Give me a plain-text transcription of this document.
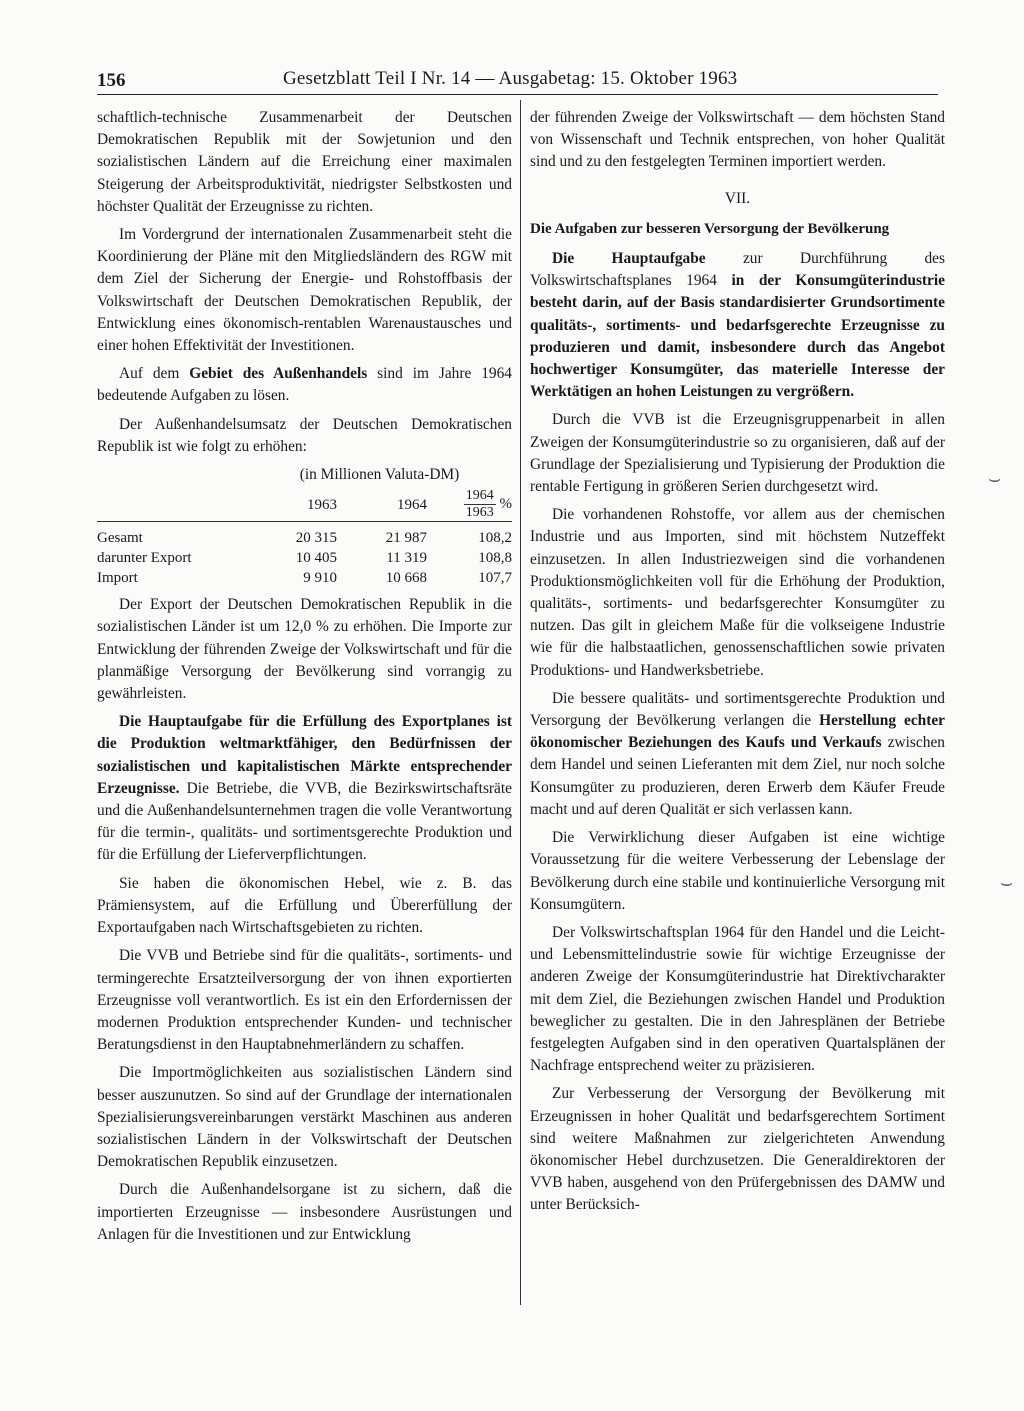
156	Gesetzblatt Teil I Nr. 14 — Ausgabetag: 15. Oktober 1963

schaftlich-technische Zusammenarbeit der Deutschen Demokratischen Republik mit der Sowjetunion und den sozialistischen Ländern auf die Erreichung einer maximalen Steigerung der Arbeitsproduktivität, niedrigster Selbstkosten und höchster Qualität der Erzeugnisse zu richten.

Im Vordergrund der internationalen Zusammenarbeit steht die Koordinierung der Pläne mit den Mitgliedsländern des RGW mit dem Ziel der Sicherung der Energie- und Rohstoffbasis der Volkswirtschaft der Deutschen Demokratischen Republik, der Entwicklung eines ökonomisch-rentablen Warenaustausches und einer hohen Effektivität der Investitionen.

Auf dem Gebiet des Außenhandels sind im Jahre 1964 bedeutende Aufgaben zu lösen.

Der Außenhandelsumsatz der Deutschen Demokratischen Republik ist wie folgt zu erhöhen:

(in Millionen Valuta-DM)

	1963	1964	$\frac{1964}{1963}$ %
Gesamt	20 315	21 987	108,2
darunter Export	10 405	11 319	108,8
Import	9 910	10 668	107,7

Der Export der Deutschen Demokratischen Republik in die sozialistischen Länder ist um 12,0 % zu erhöhen. Die Importe zur Entwicklung der führenden Zweige der Volkswirtschaft und für die planmäßige Versorgung der Bevölkerung sind vorrangig zu gewährleisten.

Die Hauptaufgabe für die Erfüllung des Exportplanes ist die Produktion weltmarktfähiger, den Bedürfnissen der sozialistischen und kapitalistischen Märkte entsprechender Erzeugnisse. Die Betriebe, die VVB, die Bezirkswirtschaftsräte und die Außenhandelsunternehmen tragen die volle Verantwortung für die termin-, qualitäts- und sortimentsgerechte Produktion und für die Erfüllung der Lieferverpflichtungen.

Sie haben die ökonomischen Hebel, wie z. B. das Prämiensystem, auf die Erfüllung und Übererfüllung der Exportaufgaben nach Wirtschaftsgebieten zu richten.

Die VVB und Betriebe sind für die qualitäts-, sortiments- und termingerechte Ersatzteilversorgung der von ihnen exportierten Erzeugnisse voll verantwortlich. Es ist ein den Erfordernissen der modernen Produktion entsprechender Kunden- und technischer Beratungsdienst in den Hauptabnehmerländern zu schaffen.

Die Importmöglichkeiten aus sozialistischen Ländern sind besser auszunutzen. So sind auf der Grundlage der internationalen Spezialisierungsvereinbarungen verstärkt Maschinen aus anderen sozialistischen Ländern in der Volkswirtschaft der Deutschen Demokratischen Republik einzusetzen.

Durch die Außenhandelsorgane ist zu sichern, daß die importierten Erzeugnisse — insbesondere Ausrüstungen und Anlagen für die Investitionen und zur Entwicklung

der führenden Zweige der Volkswirtschaft — dem höchsten Stand von Wissenschaft und Technik entsprechen, von hoher Qualität sind und zu den festgelegten Terminen importiert werden.

VII.

Die Aufgaben zur besseren Versorgung der Bevölkerung

Die Hauptaufgabe zur Durchführung des Volkswirtschaftsplanes 1964 in der Konsumgüterindustrie besteht darin, auf der Basis standardisierter Grundsortimente qualitäts-, sortiments- und bedarfsgerechte Erzeugnisse zu produzieren und damit, insbesondere durch das Angebot hochwertiger Konsumgüter, das materielle Interesse der Werktätigen an hohen Leistungen zu vergrößern.

Durch die VVB ist die Erzeugnisgruppenarbeit in allen Zweigen der Konsumgüterindustrie so zu organisieren, daß auf der Grundlage der Spezialisierung und Typisierung der Produktion die rentable Fertigung in größeren Serien durchgesetzt wird.

Die vorhandenen Rohstoffe, vor allem aus der chemischen Industrie und aus Importen, sind mit höchstem Nutzeffekt einzusetzen. In allen Industriezweigen sind die vorhandenen Produktionsmöglichkeiten voll für die Erhöhung der Produktion, qualitäts-, sortiments- und bedarfsgerechter Konsumgüter zu nutzen. Das gilt in gleichem Maße für die volkseigene Industrie wie für die halbstaatlichen, genossenschaftlichen sowie privaten Produktions- und Handwerksbetriebe.

Die bessere qualitäts- und sortimentsgerechte Produktion und Versorgung der Bevölkerung verlangen die Herstellung echter ökonomischer Beziehungen des Kaufs und Verkaufs zwischen dem Handel und seinen Lieferanten mit dem Ziel, nur noch solche Konsumgüter zu produzieren, deren Erwerb dem Käufer Freude macht und auf deren Qualität er sich verlassen kann.

Die Verwirklichung dieser Aufgaben ist eine wichtige Voraussetzung für die weitere Verbesserung der Lebenslage der Bevölkerung durch eine stabile und kontinuierliche Versorgung mit Konsumgütern.

Der Volkswirtschaftsplan 1964 für den Handel und die Leicht- und Lebensmittelindustrie sowie für wichtige Erzeugnisse der anderen Zweige der Konsumgüterindustrie hat Direktivcharakter mit dem Ziel, die Beziehungen zwischen Handel und Produktion beweglicher zu gestalten. Die in den Jahresplänen der Betriebe festgelegten Aufgaben sind in den operativen Quartalsplänen der Nachfrage entsprechend weiter zu präzisieren.

Zur Verbesserung der Versorgung der Bevölkerung mit Erzeugnissen in hoher Qualität und bedarfsgerechtem Sortiment sind weitere Maßnahmen zur zielgerichteten Anwendung ökonomischer Hebel durchzusetzen. Die Generaldirektoren der VVB haben, ausgehend von den Prüfergebnissen des DAMW und unter Berücksich-

⌣
⌣
